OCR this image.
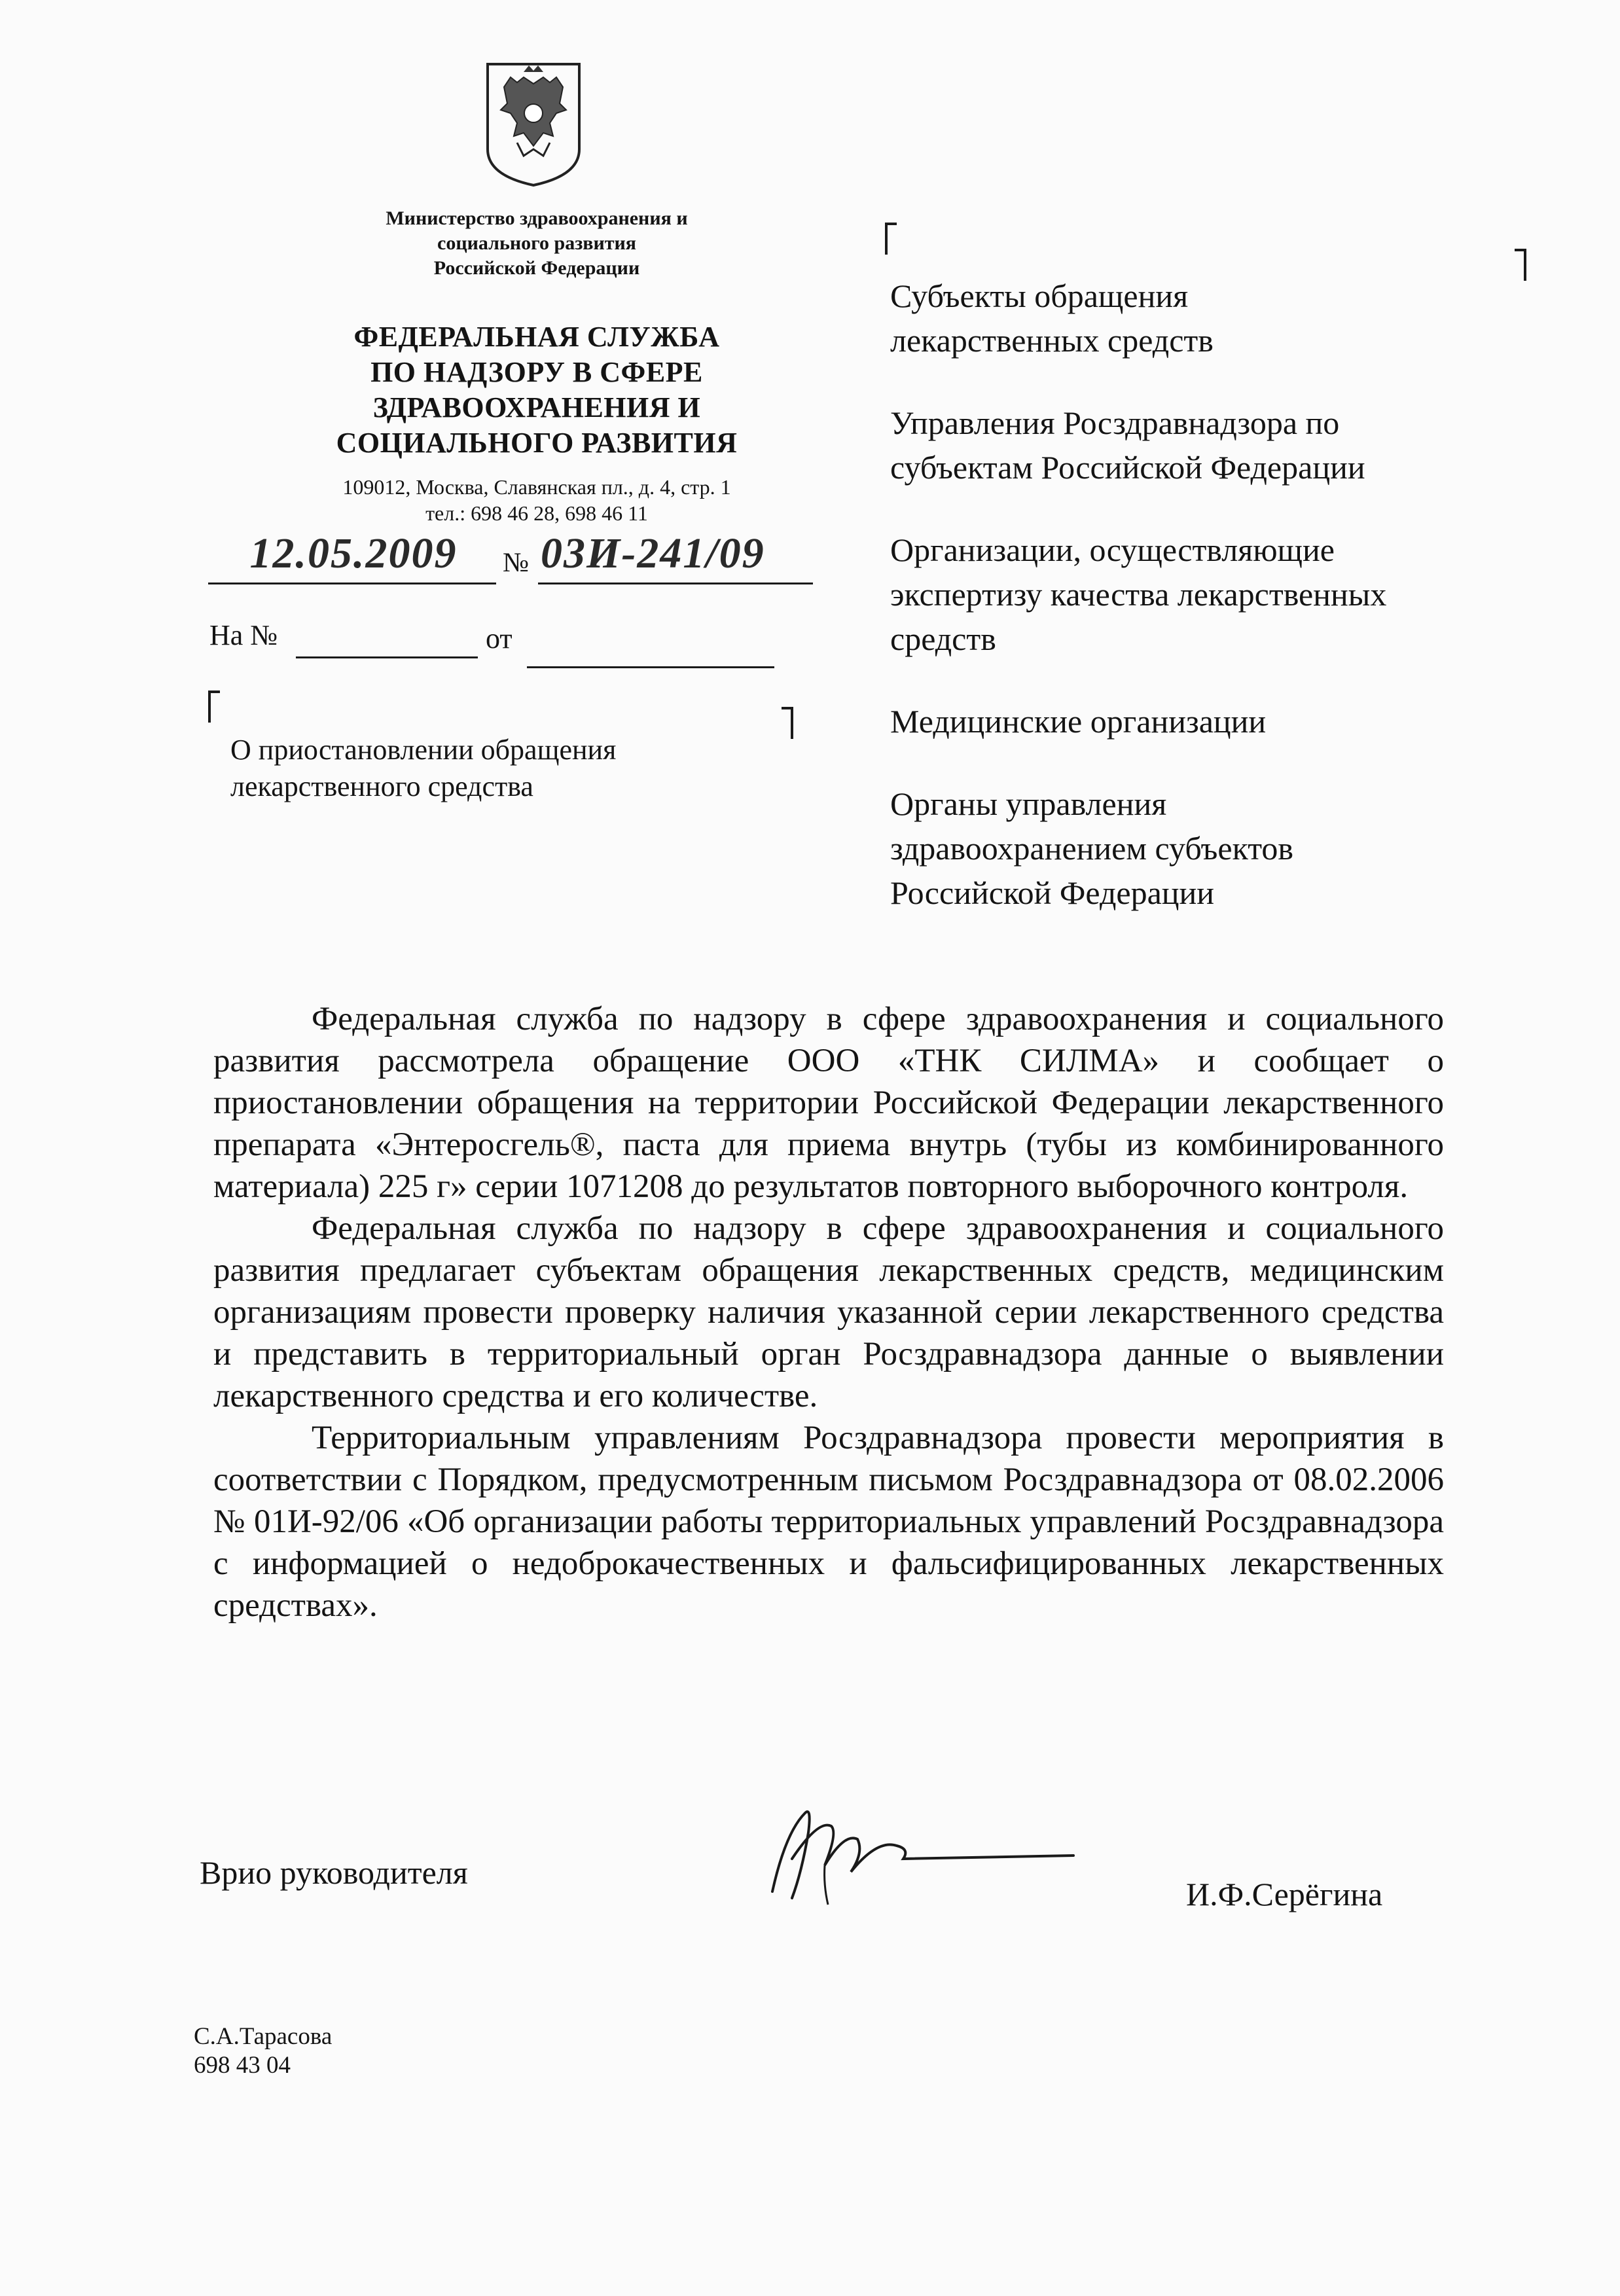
Министерство здравоохранения и
социального развития
Российской Федерации
ФЕДЕРАЛЬНАЯ СЛУЖБА
ПО НАДЗОРУ В СФЕРЕ
ЗДРАВООХРАНЕНИЯ И
СОЦИАЛЬНОГО РАЗВИТИЯ
109012, Москва, Славянская пл., д. 4, стр. 1
тел.: 698 46 28, 698 46 11
12.05.2009	№ 03И-241/09
На №	от
О приостановлении обращения
лекарственного средства
Субъекты обращения
лекарственных средств
Управления Росздравнадзора по
субъектам Российской Федерации
Организации, осуществляющие
экспертизу качества лекарственных
средств
Медицинские организации
Органы управления
здравоохранением субъектов
Российской Федерации

Федеральная служба по надзору в сфере здравоохранения и социального развития рассмотрела обращение ООО «ТНК СИЛМА» и сообщает о приостановлении обращения на территории Российской Федерации лекарственного препарата «Энтеросгель®, паста для приема внутрь (тубы из комбинированного материала) 225 г» серии 1071208 до результатов повторного выборочного контроля.

Федеральная служба по надзору в сфере здравоохранения и социального развития предлагает субъектам обращения лекарственных средств, медицинским организациям провести проверку наличия указанной серии лекарственного средства и представить в территориальный орган Росздравнадзора данные о выявлении лекарственного средства и его количестве.

Территориальным управлениям Росздравнадзора провести мероприятия в соответствии с Порядком, предусмотренным письмом Росздравнадзора от 08.02.2006 № 01И-92/06 «Об организации работы территориальных управлений Росздравнадзора с информацией о недоброкачественных и фальсифицированных лекарственных средствах».

Врио руководителя
И.Ф.Серёгина
С.А.Тарасова
698 43 04
